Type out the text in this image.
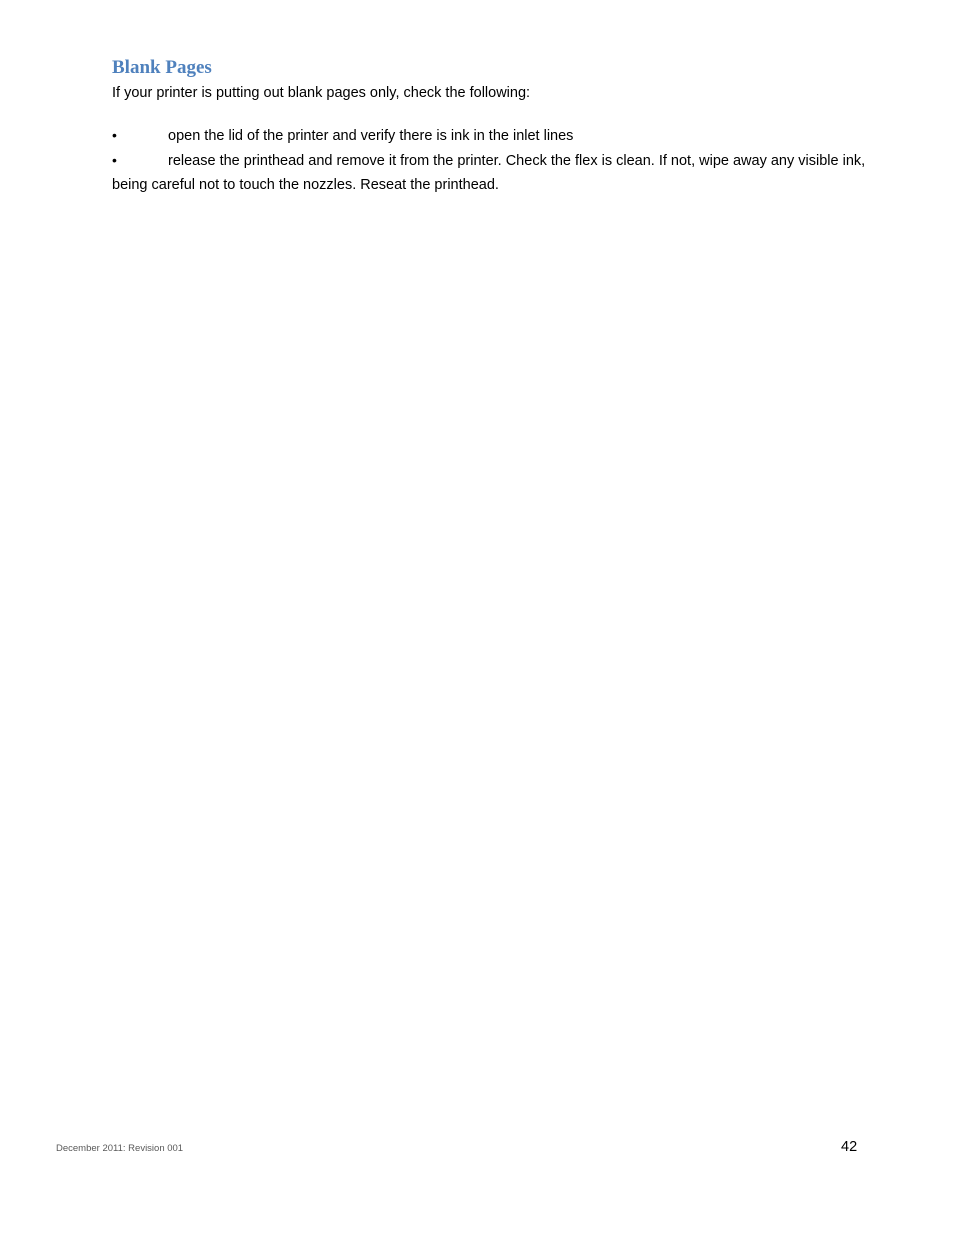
Blank Pages

If your printer is putting out blank pages only, check the following:

•	open the lid of the printer and verify there is ink in the inlet lines
•	release the printhead and remove it from the printer. Check the flex is clean. If not, wipe away any visible ink, being careful not to touch the nozzles. Reseat the printhead.
December 2011: Revision 001	42
